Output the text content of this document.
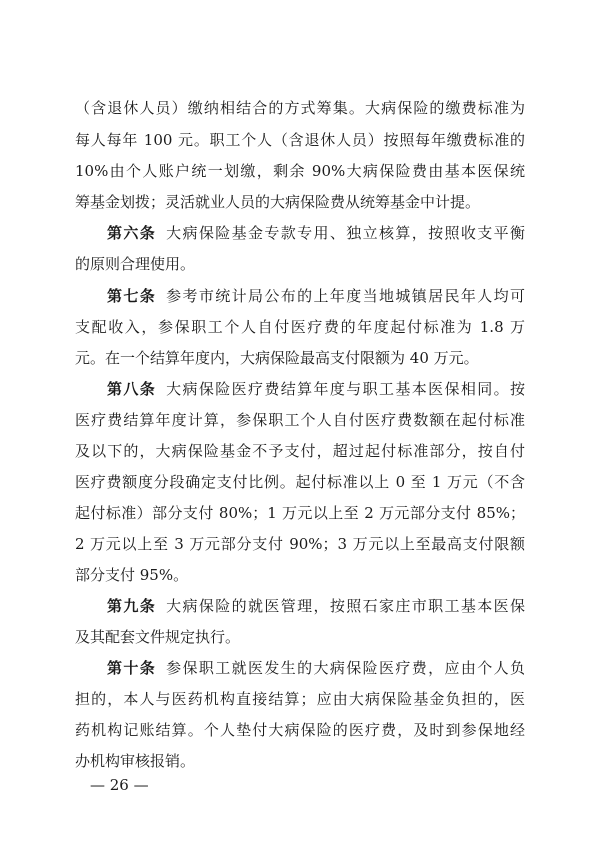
（含退休人员）缴纳相结合的方式筹集。大病保险的缴费标准为
每人每年 100 元。职工个人（含退休人员）按照每年缴费标准的
10%由个人账户统一划缴，剩余 90%大病保险费由基本医保统
筹基金划拨；灵活就业人员的大病保险费从统筹基金中计提。
第六条 大病保险基金专款专用、独立核算，按照收支平衡
的原则合理使用。
第七条 参考市统计局公布的上年度当地城镇居民年人均可
支配收入，参保职工个人自付医疗费的年度起付标准为 1.8 万
元。在一个结算年度内，大病保险最高支付限额为 40 万元。
第八条 大病保险医疗费结算年度与职工基本医保相同。按
医疗费结算年度计算，参保职工个人自付医疗费数额在起付标准
及以下的，大病保险基金不予支付，超过起付标准部分，按自付
医疗费额度分段确定支付比例。起付标准以上 0 至 1 万元（不含
起付标准）部分支付 80%；1 万元以上至 2 万元部分支付 85%；
2 万元以上至 3 万元部分支付 90%；3 万元以上至最高支付限额
部分支付 95%。
第九条 大病保险的就医管理，按照石家庄市职工基本医保
及其配套文件规定执行。
第十条 参保职工就医发生的大病保险医疗费，应由个人负
担的，本人与医药机构直接结算；应由大病保险基金负担的，医
药机构记账结算。个人垫付大病保险的医疗费，及时到参保地经
办机构审核报销。
— 26 —
